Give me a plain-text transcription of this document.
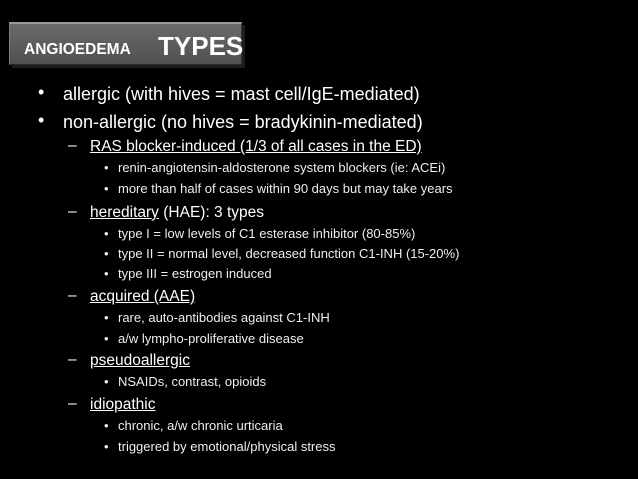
ANGIOEDEMA TYPES
• allergic (with hives = mast cell/IgE-mediated)
• non-allergic (no hives = bradykinin-mediated)
– RAS blocker-induced (1/3 of all cases in the ED)
• renin-angiotensin-aldosterone system blockers (ie: ACEi)
• more than half of cases within 90 days but may take years
– hereditary (HAE): 3 types
• type I = low levels of C1 esterase inhibitor (80-85%)
• type II = normal level, decreased function C1-INH (15-20%)
• type III = estrogen induced
– acquired (AAE)
• rare, auto-antibodies against C1-INH
• a/w lympho-proliferative disease
– pseudoallergic
• NSAIDs, contrast, opioids
– idiopathic
• chronic, a/w chronic urticaria
• triggered by emotional/physical stress
